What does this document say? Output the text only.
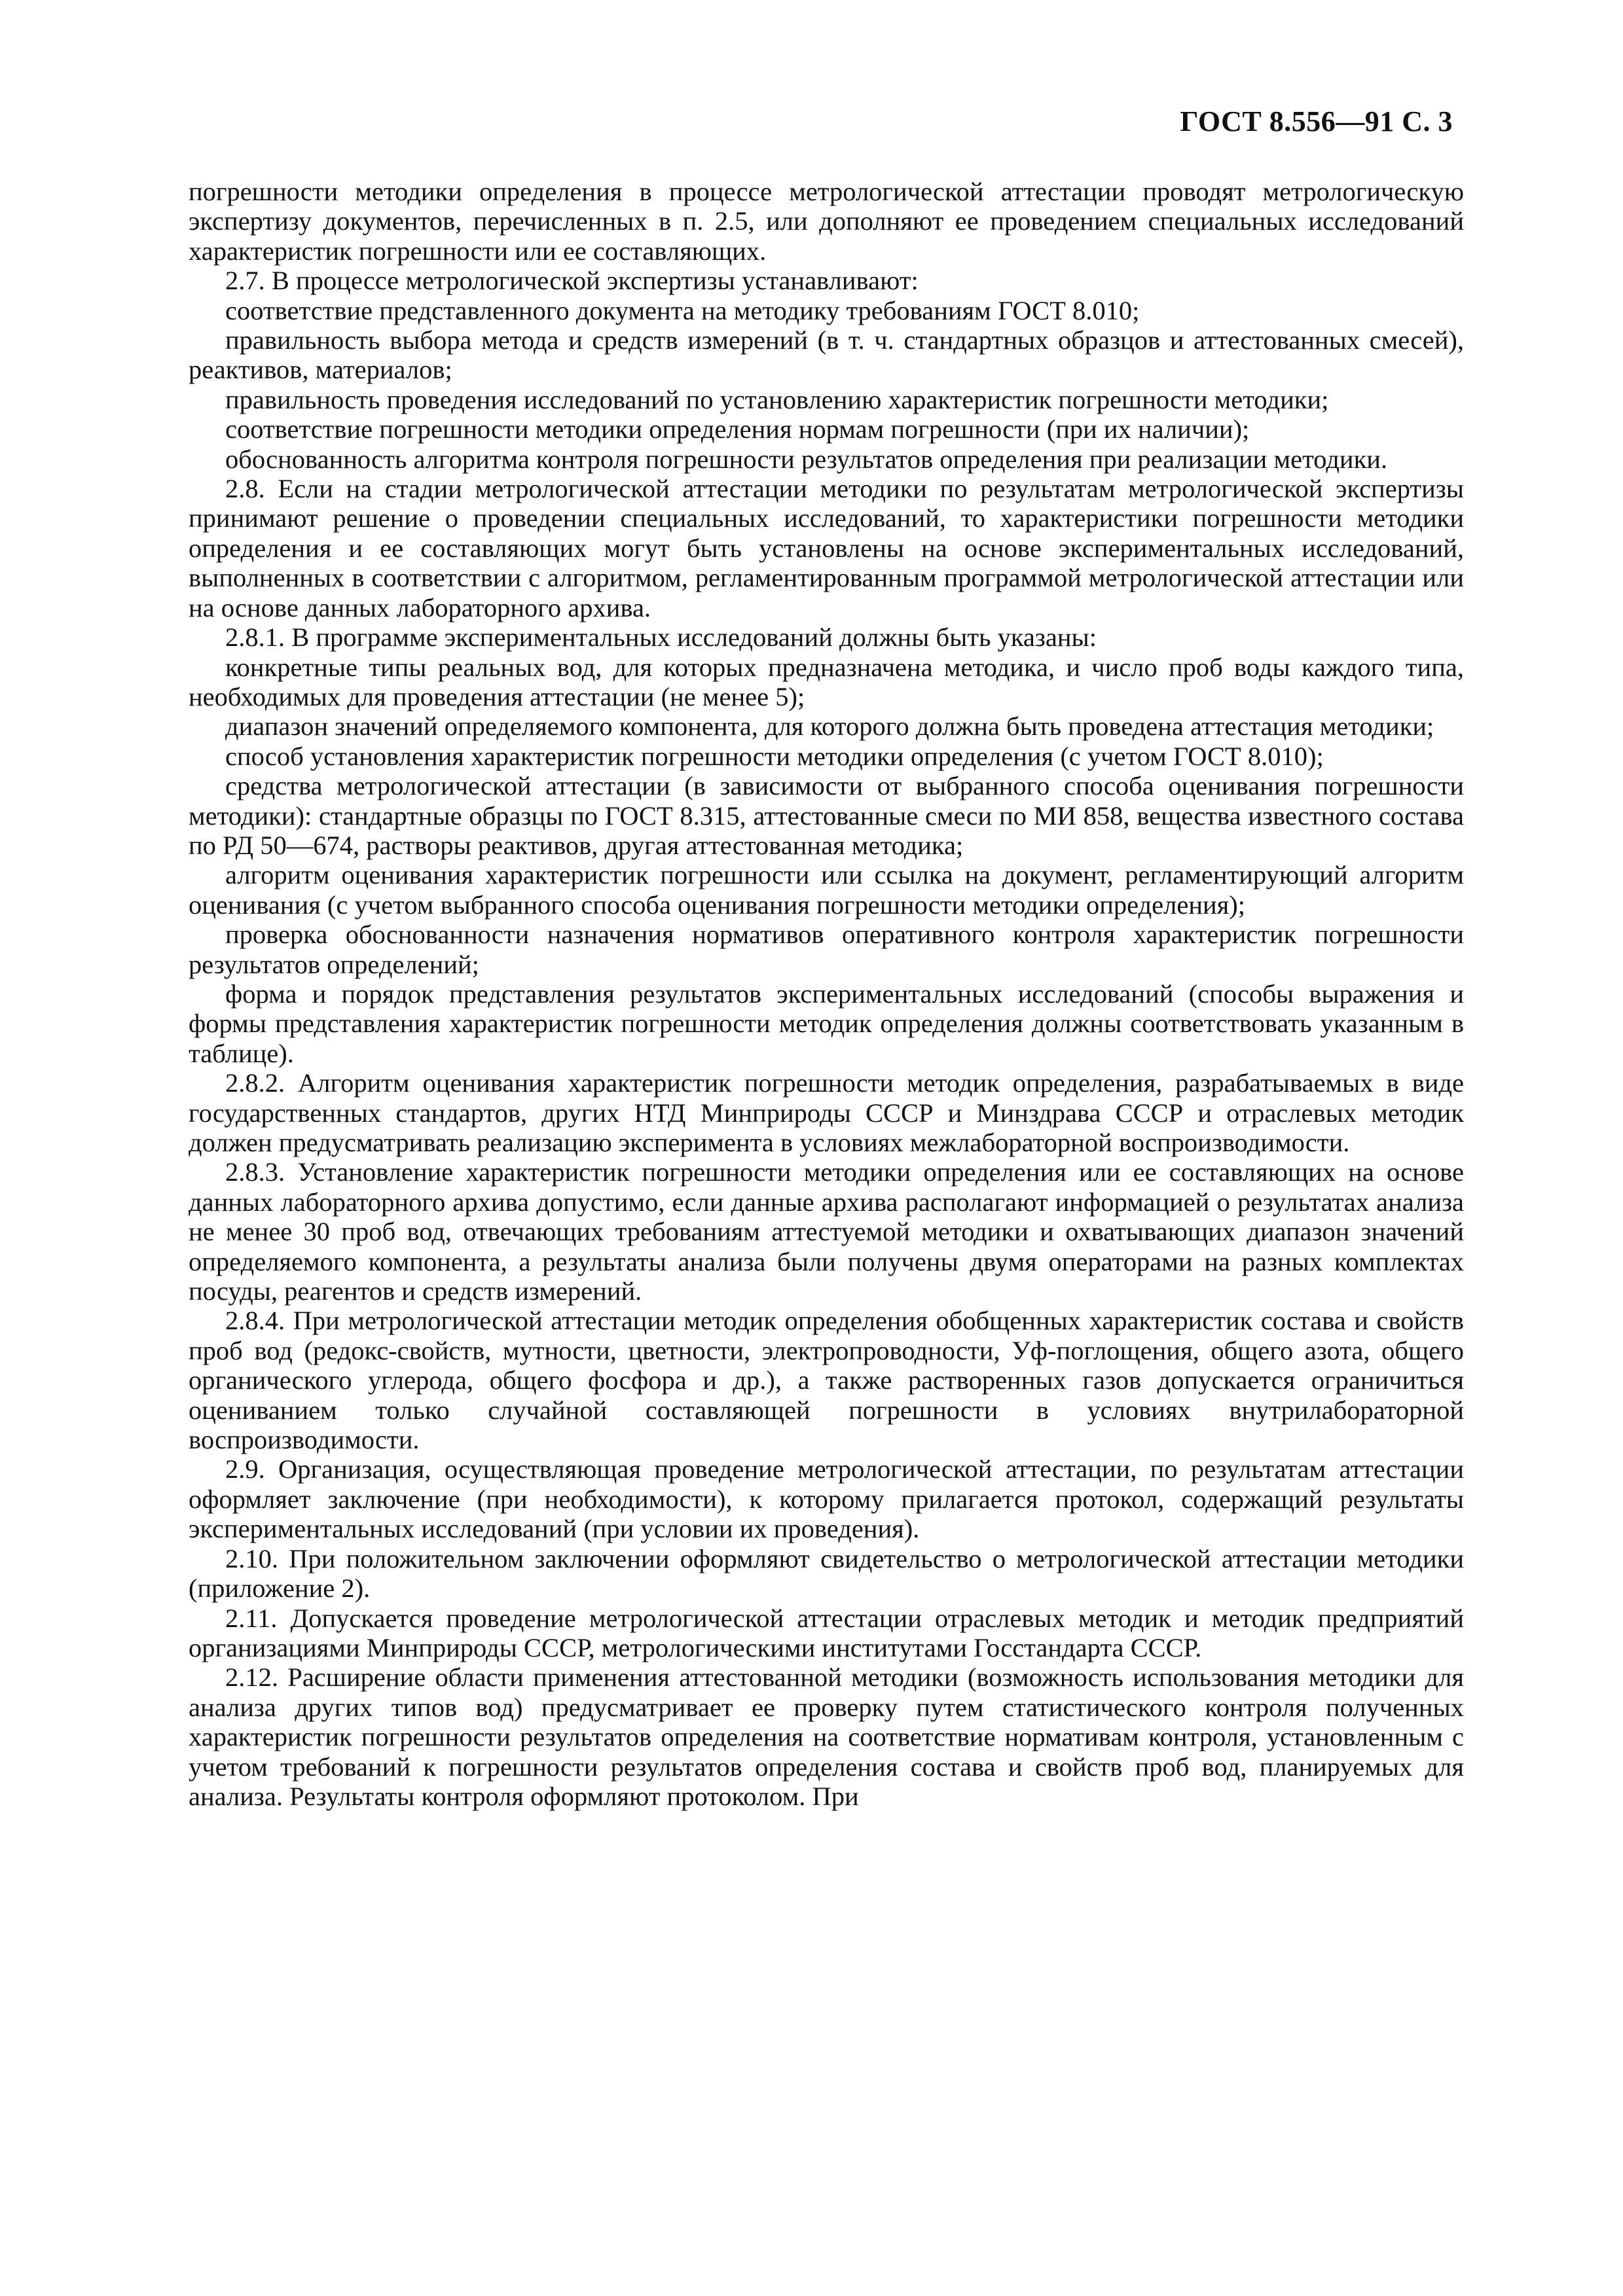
ГОСТ 8.556—91 С. 3

погрешности методики определения в процессе метрологической аттестации проводят метрологическую экспертизу документов, перечисленных в п. 2.5, или дополняют ее проведением специальных исследований характеристик погрешности или ее составляющих.

2.7. В процессе метрологической экспертизы устанавливают:

соответствие представленного документа на методику требованиям ГОСТ 8.010;

правильность выбора метода и средств измерений (в т. ч. стандартных образцов и аттестованных смесей), реактивов, материалов;

правильность проведения исследований по установлению характеристик погрешности методики;

соответствие погрешности методики определения нормам погрешности (при их наличии);

обоснованность алгоритма контроля погрешности результатов определения при реализации методики.

2.8. Если на стадии метрологической аттестации методики по результатам метрологической экспертизы принимают решение о проведении специальных исследований, то характеристики погрешности методики определения и ее составляющих могут быть установлены на основе экспериментальных исследований, выполненных в соответствии с алгоритмом, регламентированным программой метрологической аттестации или на основе данных лабораторного архива.

2.8.1. В программе экспериментальных исследований должны быть указаны:

конкретные типы реальных вод, для которых предназначена методика, и число проб воды каждого типа, необходимых для проведения аттестации (не менее 5);

диапазон значений определяемого компонента, для которого должна быть проведена аттестация методики;

способ установления характеристик погрешности методики определения (с учетом ГОСТ 8.010);

средства метрологической аттестации (в зависимости от выбранного способа оценивания погрешности методики): стандартные образцы по ГОСТ 8.315, аттестованные смеси по МИ 858, вещества известного состава по РД 50—674, растворы реактивов, другая аттестованная методика;

алгоритм оценивания характеристик погрешности или ссылка на документ, регламентирующий алгоритм оценивания (с учетом выбранного способа оценивания погрешности методики определения);

проверка обоснованности назначения нормативов оперативного контроля характеристик погрешности результатов определений;

форма и порядок представления результатов экспериментальных исследований (способы выражения и формы представления характеристик погрешности методик определения должны соответствовать указанным в таблице).

2.8.2. Алгоритм оценивания характеристик погрешности методик определения, разрабатываемых в виде государственных стандартов, других НТД Минприроды СССР и Минздрава СССР и отраслевых методик должен предусматривать реализацию эксперимента в условиях межлабораторной воспроизводимости.

2.8.3. Установление характеристик погрешности методики определения или ее составляющих на основе данных лабораторного архива допустимо, если данные архива располагают информацией о результатах анализа не менее 30 проб вод, отвечающих требованиям аттестуемой методики и охватывающих диапазон значений определяемого компонента, а результаты анализа были получены двумя операторами на разных комплектах посуды, реагентов и средств измерений.

2.8.4. При метрологической аттестации методик определения обобщенных характеристик состава и свойств проб вод (редокс-свойств, мутности, цветности, электропроводности, Уф-поглощения, общего азота, общего органического углерода, общего фосфора и др.), а также растворенных газов допускается ограничиться оцениванием только случайной составляющей погрешности в условиях внутрилабораторной воспроизводимости.

2.9. Организация, осуществляющая проведение метрологической аттестации, по результатам аттестации оформляет заключение (при необходимости), к которому прилагается протокол, содержащий результаты экспериментальных исследований (при условии их проведения).

2.10. При положительном заключении оформляют свидетельство о метрологической аттестации методики (приложение 2).

2.11. Допускается проведение метрологической аттестации отраслевых методик и методик предприятий организациями Минприроды СССР, метрологическими институтами Госстандарта СССР.

2.12. Расширение области применения аттестованной методики (возможность использования методики для анализа других типов вод) предусматривает ее проверку путем статистического контроля полученных характеристик погрешности результатов определения на соответствие нормативам контроля, установленным с учетом требований к погрешности результатов определения состава и свойств проб вод, планируемых для анализа. Результаты контроля оформляют протоколом. При
